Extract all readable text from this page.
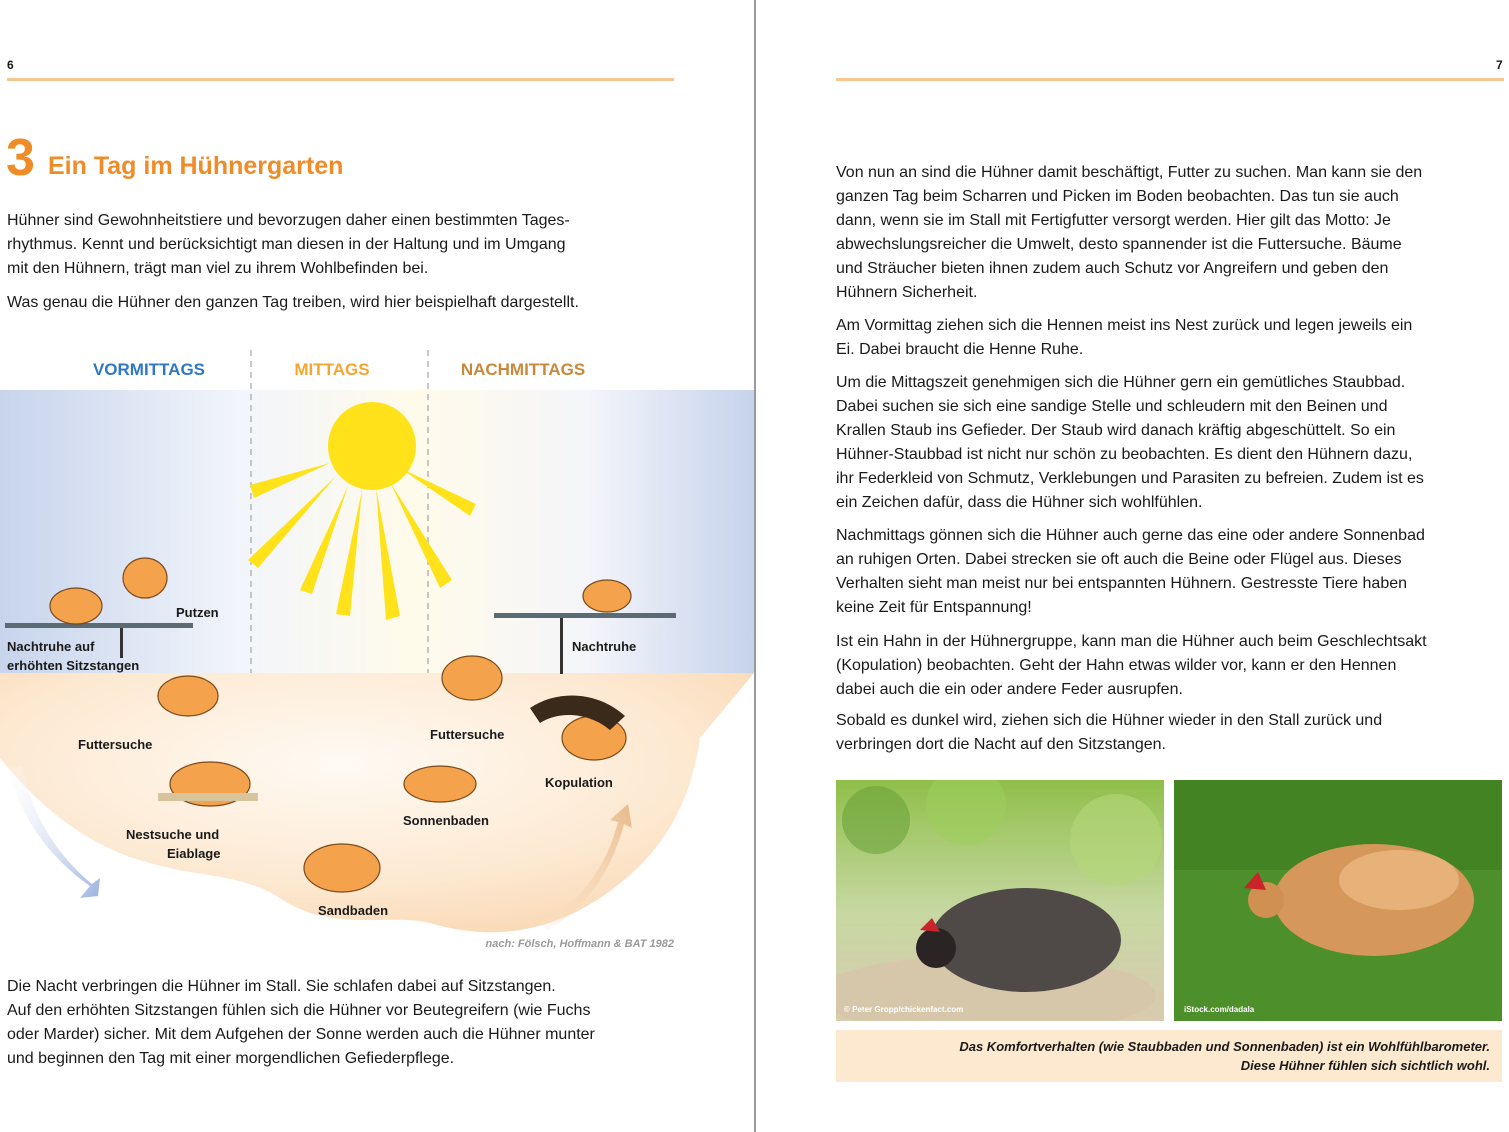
6
3 Ein Tag im Hühnergarten

Hühner sind Gewohnheitstiere und bevorzugen daher einen bestimmten Tages-
rhythmus. Kennt und berücksichtigt man diesen in der Haltung und im Umgang
mit den Hühnern, trägt man viel zu ihrem Wohlbefinden bei.

Was genau die Hühner den ganzen Tag treiben, wird hier beispielhaft dargestellt.

VORMITTAGS	MITTAGS	NACHMITTAGS
Putzen
Nachtruhe auf
erhöhten Sitzstangen
Nachtruhe
Futtersuche
Futtersuche
Kopulation
Sonnenbaden
Nestsuche und
Eiablage
Sandbaden
nach: Fölsch, Hoffmann & BAT 1982

Die Nacht verbringen die Hühner im Stall. Sie schlafen dabei auf Sitzstangen.
Auf den erhöhten Sitzstangen fühlen sich die Hühner vor Beutegreifern (wie Fuchs
oder Marder) sicher. Mit dem Aufgehen der Sonne werden auch die Hühner munter
und beginnen den Tag mit einer morgendlichen Gefiederpflege.

7

Von nun an sind die Hühner damit beschäftigt, Futter zu suchen. Man kann sie den
ganzen Tag beim Scharren und Picken im Boden beobachten. Das tun sie auch
dann, wenn sie im Stall mit Fertigfutter versorgt werden. Hier gilt das Motto: Je
abwechslungsreicher die Umwelt, desto spannender ist die Futtersuche. Bäume
und Sträucher bieten ihnen zudem auch Schutz vor Angreifern und geben den
Hühnern Sicherheit.

Am Vormittag ziehen sich die Hennen meist ins Nest zurück und legen jeweils ein
Ei. Dabei braucht die Henne Ruhe.

Um die Mittagszeit genehmigen sich die Hühner gern ein gemütliches Staubbad.
Dabei suchen sie sich eine sandige Stelle und schleudern mit den Beinen und
Krallen Staub ins Gefieder. Der Staub wird danach kräftig abgeschüttelt. So ein
Hühner-Staubbad ist nicht nur schön zu beobachten. Es dient den Hühnern dazu,
ihr Federkleid von Schmutz, Verklebungen und Parasiten zu befreien. Zudem ist es
ein Zeichen dafür, dass die Hühner sich wohlfühlen.

Nachmittags gönnen sich die Hühner auch gerne das eine oder andere Sonnenbad
an ruhigen Orten. Dabei strecken sie oft auch die Beine oder Flügel aus. Dieses
Verhalten sieht man meist nur bei entspannten Hühnern. Gestresste Tiere haben
keine Zeit für Entspannung!

Ist ein Hahn in der Hühnergruppe, kann man die Hühner auch beim Geschlechtsakt
(Kopulation) beobachten. Geht der Hahn etwas wilder vor, kann er den Hennen
dabei auch die ein oder andere Feder ausrupfen.

Sobald es dunkel wird, ziehen sich die Hühner wieder in den Stall zurück und
verbringen dort die Nacht auf den Sitzstangen.

© Peter Gropp/chickenfact.com	iStock.com/dadala
Das Komfortverhalten (wie Staubbaden und Sonnenbaden) ist ein Wohlfühlbarometer.
Diese Hühner fühlen sich sichtlich wohl.
